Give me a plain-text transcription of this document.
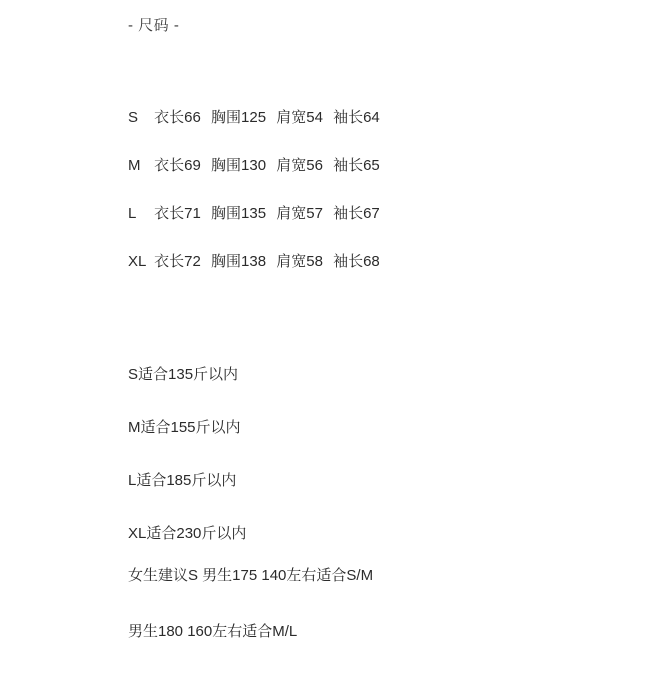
- 尺码 -
S 衣长66 胸围125 肩宽54 袖长64
M 衣长69 胸围130 肩宽56 袖长65
L 衣长71 胸围135 肩宽57 袖长67
XL 衣长72 胸围138 肩宽58 袖长68
S适合135斤以内
M适合155斤以内
L适合185斤以内
XL适合230斤以内
女生建议S 男生175 140左右适合S/M
男生180 160左右适合M/L
